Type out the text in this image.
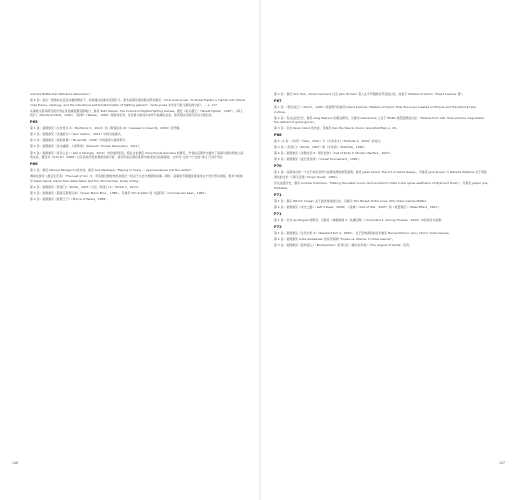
and the Battle that Defined a Generation）
第 6 条：指出一款游戏在没有动画的情况下，如何通过叙事来表现打斗。更多叙事学者的相关研究参见：Chris Goto-Jones, "Is Street Fighter a martial art? Virtual ninja theory, ideology, and the intentional self-transformation of fighting gamers"（Goto-Jones 书中对于格斗游戏的分析）。... p. 177
从事格斗游戏研究的学者在该领域里颇有影响力，参见 Todd Harper, The Culture of Digital Fighting Games。通过《街头霸王》（Street Fighter，1987）、《真人快打》（Mortal Kombat，1992）、《铁拳》（Tekken，1994）等游戏系列，讨论格斗游戏中动作与叙事的关系。更多相关内容可见该书第四章。
P65
第 1 条：案例参见《生化奇兵 2》（BioShock 2，2010）和《刺客信条 III》（Assassin's Creed III，2009）的开篇。
第 2 条：案例参见《灵魂能力》（Soul Calibur，2012）中的对战模式。
第 3 条：案例参见《我的世界》（Minecraft，2009）中的建造与探索部分。
第 4 条：案例参见《杀出重围：人类革命》（Deus Ex: Human Revolution，2011）。
第 5 条：案例参见《奇异人生》（Life is Strange，2015）中的选择系统。相关讨论参见 Clara Fernández-Vara 的研究，作者在其著作中提出了叙事与游戏机制之间的关系，通过对《GTA IV》（2008）以及其他开放世界游戏的分析，探讨玩家在游戏世界中如何进行叙事探索。文中对“主线”与“支线”进行了比较分析。
P66
第 1 条：参见 Tetsuya Mizuguchi 的访谈。参见 Gus Mastrapa, "Playing or being — psychoanalysis and the avatar"。
例如在游戏《最后生还者》（The Last of Us）中，玩家通过操控角色来经历一段关于失去与救赎的故事。同时，叙事的节奏通过游戏的关卡设计得以体现。更多分析参见 Steve Swink, Game Feel; Katie Salen and Eric Zimmerman, Rules of Play。
第 2 条：案例参见《传送门》（Portal，2007）以及《传送门 2》（Portal 2，2011）。
第 3 条：案例参见《超级马里奥兄弟》（Super Mario Bros.，1985）。另参见 Tim Schafer 的《指挥家》（Commander Keen，1990）。
第 4 条：案例参见《波斯王子》（Prince of Persia，1989）。
第 2 条：参见 Tom Hall、Adrian Carmack 以及 John Romero 等人关于早期游戏开发的讨论，收录于 Masters of Doom（David Kushner 著）。
P67
第 1 条：《毁灭战士》（Doom，1993）的案例分析参见 David Kushner, Masters of Doom: How Two Guys Created an Empire and Transformed Pop Culture。
第 2 条：有关这段历史，参见 Greg Pearson 的相关研究。另参见 Gamasutra 上关于 MOBA 类型起源的讨论："Models from hell: How practice magnetized the defined of game genre"。
第 3 条：引自 Kevin Cloud 的访谈，另参见 Dan Pinchbeck, Doom: ScaryDarkFast, p. 29。
P68
第 1—2 条：《光环》（Halo，2001）与《半条命 2》（Half-Life 2，2004）的对比。
第 3 条：《传送门》（Portal，2007）和《半条命》（Half-Life，1998）。
第 4 条：案例参见《决胜时刻 4：现代战争》（Call of Duty 4: Modern Warfare，2007）。
第 5 条：案例参见《虚幻竞技场》（Unreal Tournament，1999）。
P70
第 1 条：该游戏也是一个关于角色身份与叙事选择的典型案例。参见 Jesse Schell, The Art of Game Design。另参见 Jane Jensen 与 Roberta Williams 关于冒险游戏的讨论（《国王密使》King's Quest，1984）。
有关这段历史，参见 Andrew Hutchison, "Making the water move: techno-historic limits in the game aesthetics of Myst and Doom"。另参见 Jesper Juul, Half-Real。
P71
第 1 条：参见 Patrick Crogan 关于战争游戏的讨论。另参见 Tom Bissell, Extra Lives: Why Video Games Matter。
第 2 条：案例参见《求生之路》（Left 4 Dead，2008）、《战神》（God of War，2005）和《质量效应》（Mass Effect，2007）。
P71
第 1 条：引自 Ian Bogost 的研究。另参见《神秘海域 2：纵横四海》（Uncharted 2: Among Thieves，2009）中的对话与叙事。
P72
第 1 条：案例参见《生化危机 4》（Resident Evil 4，2005）。关于恐怖游戏的讨论参见 Bernard Perron (ed.), Horror Video Games。
第 2 条：案例参见 Anita Sarkeesian 的系列视频 "Tropes vs. Women in Video Games"。
第 3 条：案例参见《轰炸超人》（Bomberman）系列以及《塞尔达传说》（The Legend of Zelda）系列。
146	147
